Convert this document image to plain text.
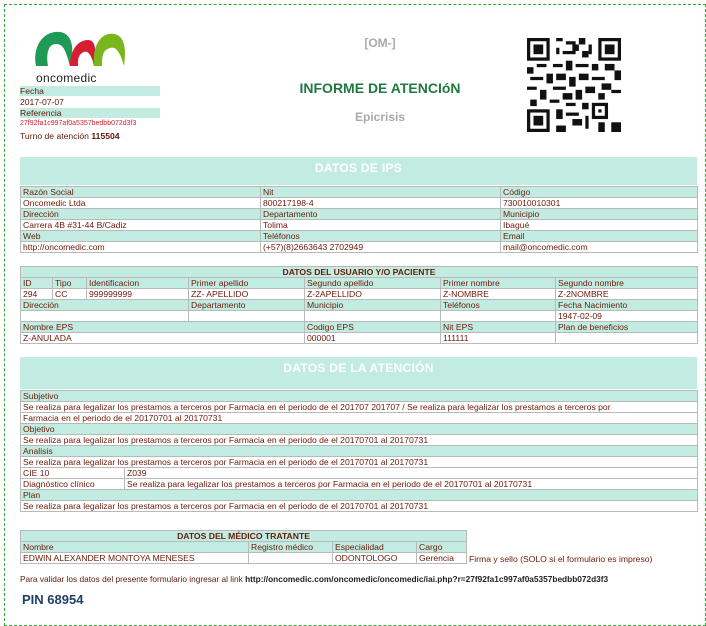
oncomedic
Fecha
2017-07-07
Referencia
27f92fa1c997af0a5357bedbb072d3f3
Turno de atención 115504
[OM-]
INFORME DE ATENCIóN
Epicrisis
DATOS DE IPS
Razón Social	Nit	Código
Oncomedic Ltda	800217198-4	730010010301
Dirección	Departamento	Municipio
Carrera 4B #31-44 B/Cadiz	Tolima	Ibagué
Web	Teléfonos	Email
http://oncomedic.com	(+57)(8)2663643 2702949	mail@oncomedic.com
DATOS DEL USUARIO Y/O PACIENTE						
ID	Tipo	Identificacion	Primer apellido	Segundo apellido	Primer nombre	Segundo nombre
294	CC	999999999	ZZ- APELLIDO	Z-2APELLIDO	Z-NOMBRE	Z-2NOMBRE
Dirección			Departamento	Municipio	Teléfonos	Fecha Nacimiento
						1947-02-09
Nombre EPS				Codigo EPS	Nit EPS	Plan de beneficios
Z-ANULADA				000001	111111	
DATOS DE LA ATENCIÓN
Subjetivo	
Se realiza para legalizar los prestamos a terceros por Farmacia en el periodo de el 201707 201707 / Se realiza para legalizar los prestamos a terceros por	
Farmacia en el periodo de el 20170701 al 20170731	
Objetivo	
Se realiza para legalizar los prestamos a terceros por Farmacia en el periodo de el 20170701 al 20170731	
Analisis	
Se realiza para legalizar los prestamos a terceros por Farmacia en el periodo de el 20170701 al 20170731	
CIE 10	Z039
Diagnóstico clínico	Se realiza para legalizar los prestamos a terceros por Farmacia en el periodo de el 20170701 al 20170731
Plan	
Se realiza para legalizar los prestamos a terceros por Farmacia en el periodo de el 20170701 al 20170731	
DATOS DEL MÉDICO TRATANTE				Firma y sello (SOLO si el formulario es impreso)
Nombre	Registro médico	Especialidad	Cargo	
EDWIN ALEXANDER MONTOYA MENESES		ODONTOLOGO	Gerencia	
Para validar los datos del presente formulario ingresar al link http://oncomedic.com/oncomedic/oncomedic/iai.php?r=27f92fa1c997af0a5357bedbb072d3f3
PIN 68954
